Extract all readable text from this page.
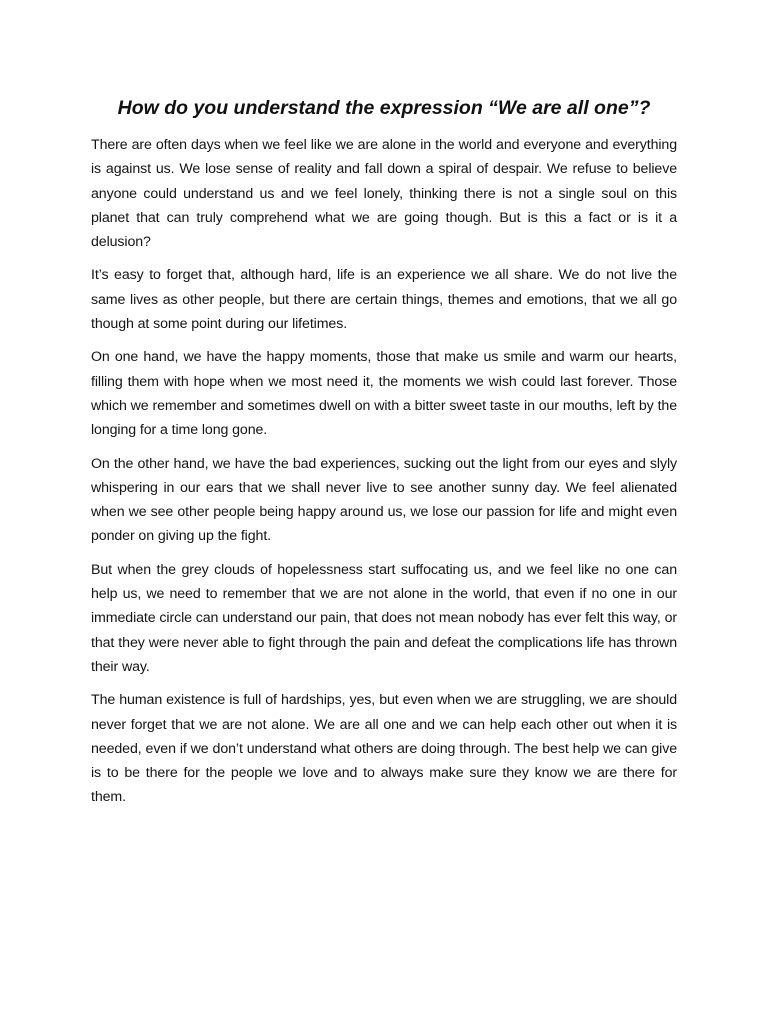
How do you understand the expression “We are all one”?

There are often days when we feel like we are alone in the world and everyone and everything is against us. We lose sense of reality and fall down a spiral of despair. We refuse to believe anyone could understand us and we feel lonely, thinking there is not a single soul on this planet that can truly comprehend what we are going though. But is this a fact or is it a delusion?

It’s easy to forget that, although hard, life is an experience we all share. We do not live the same lives as other people, but there are certain things, themes and emotions, that we all go though at some point during our lifetimes.

On one hand, we have the happy moments, those that make us smile and warm our hearts, filling them with hope when we most need it, the moments we wish could last forever. Those which we remember and sometimes dwell on with a bitter sweet taste in our mouths, left by the longing for a time long gone.

On the other hand, we have the bad experiences, sucking out the light from our eyes and slyly whispering in our ears that we shall never live to see another sunny day. We feel alienated when we see other people being happy around us, we lose our passion for life and might even ponder on giving up the fight.

But when the grey clouds of hopelessness start suffocating us, and we feel like no one can help us, we need to remember that we are not alone in the world, that even if no one in our immediate circle can understand our pain, that does not mean nobody has ever felt this way, or that they were never able to fight through the pain and defeat the complications life has thrown their way.

The human existence is full of hardships, yes, but even when we are struggling, we are should never forget that we are not alone. We are all one and we can help each other out when it is needed, even if we don’t understand what others are doing through. The best help we can give is to be there for the people we love and to always make sure they know we are there for them.
